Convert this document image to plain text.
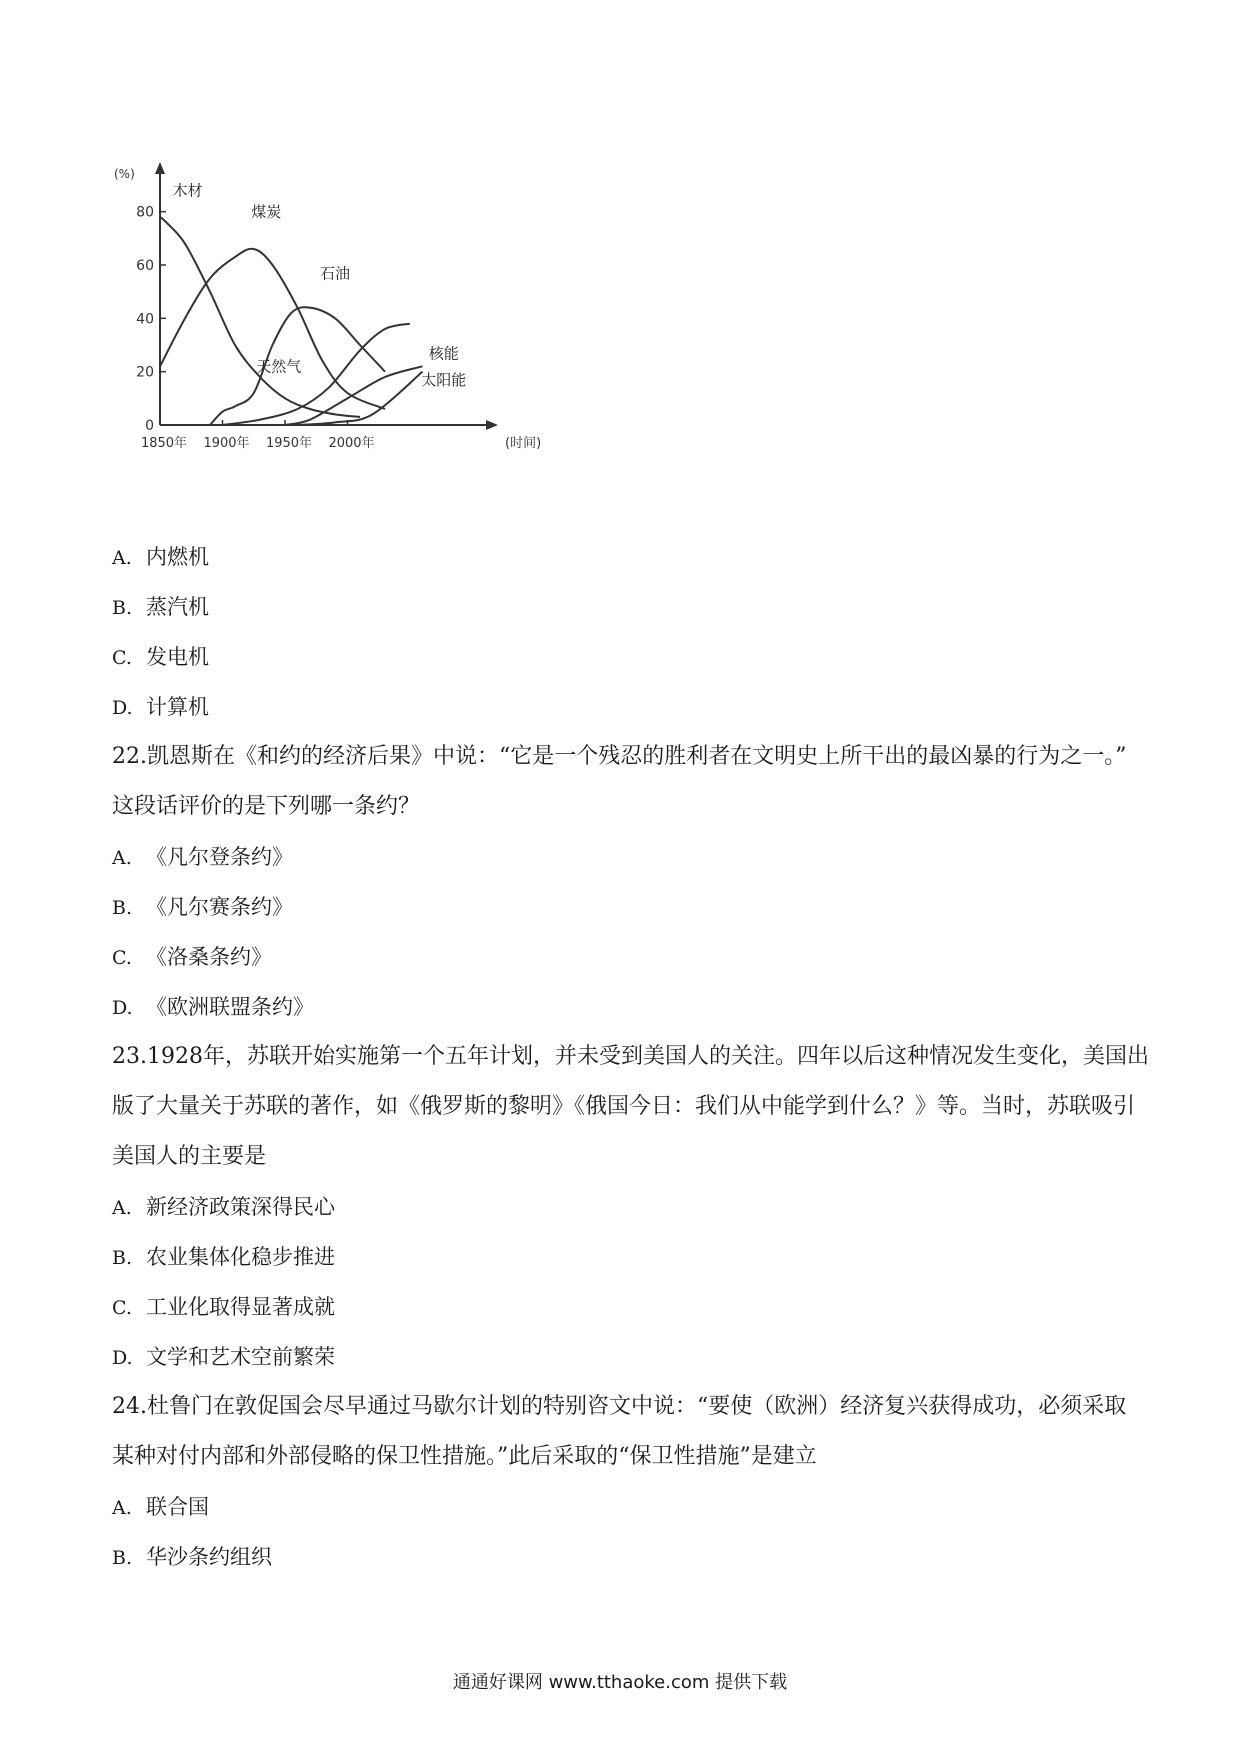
0
20
40
60
80
(%)
1850年 1900年 1950年 2000年	(时间)
木材
煤炭
石油
天然气
核能
太阳能
A. 内燃机
B. 蒸汽机
C. 发电机
D. 计算机

22.凯恩斯在《和约的经济后果》中说：“它是一个残忍的胜利者在文明史上所干出的最凶暴的行为之一。”

这段话评价的是下列哪一条约？

A. 《凡尔登条约》
B. 《凡尔赛条约》
C. 《洛桑条约》
D. 《欧洲联盟条约》

23.1928年，苏联开始实施第一个五年计划，并未受到美国人的关注。四年以后这种情况发生变化，美国出

版了大量关于苏联的著作，如《俄罗斯的黎明》《俄国今日：我们从中能学到什么？》等。当时，苏联吸引

美国人的主要是

A. 新经济政策深得民心
B. 农业集体化稳步推进
C. 工业化取得显著成就
D. 文学和艺术空前繁荣

24.杜鲁门在敦促国会尽早通过马歇尔计划的特别咨文中说：“要使（欧洲）经济复兴获得成功，必须采取

某种对付内部和外部侵略的保卫性措施。”此后采取的“保卫性措施”是建立

A. 联合国
B. 华沙条约组织
通通好课网 www.tthaoke.com 提供下载
